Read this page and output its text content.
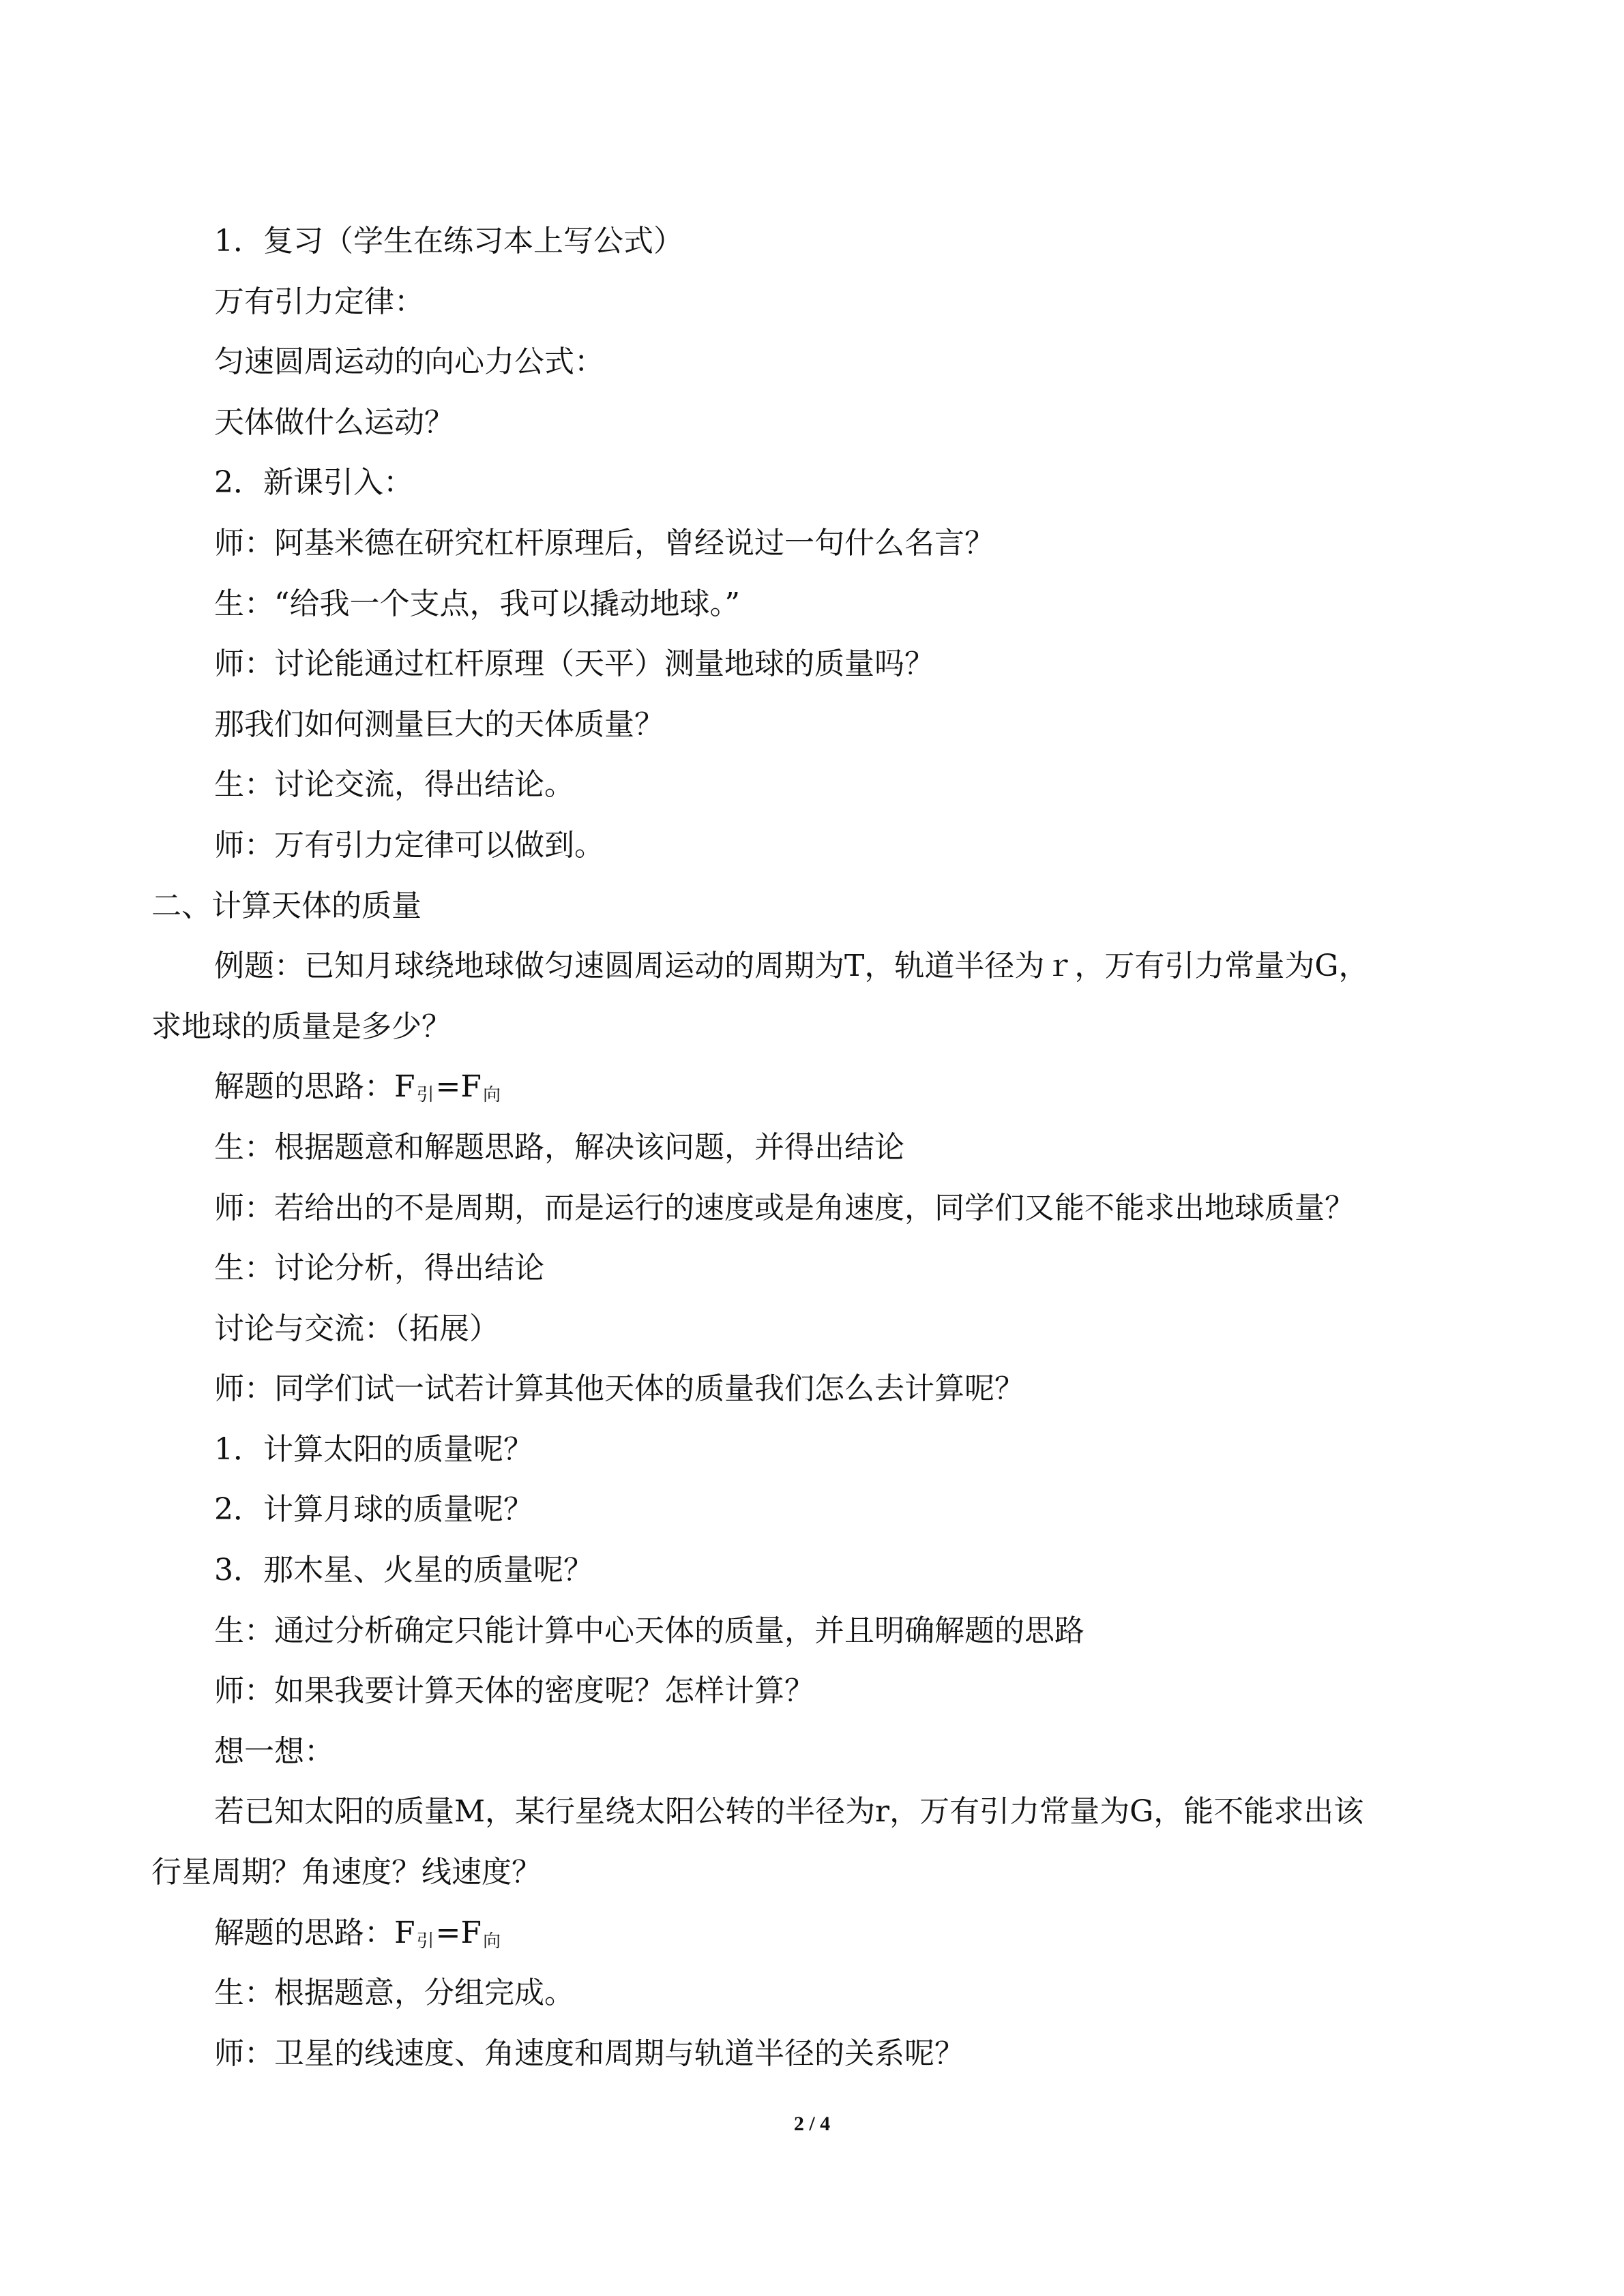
1．复习（学生在练习本上写公式）
万有引力定律：
匀速圆周运动的向心力公式：
天体做什么运动？
2．新课引入：
师：阿基米德在研究杠杆原理后，曾经说过一句什么名言？
生：“给我一个支点，我可以撬动地球。”
师：讨论能通过杠杆原理（天平）测量地球的质量吗？
那我们如何测量巨大的天体质量？
生：讨论交流，得出结论。
师：万有引力定律可以做到。
二、计算天体的质量
例题：已知月球绕地球做匀速圆周运动的周期为T，轨道半径为ｒ，万有引力常量为G，
求地球的质量是多少？
解题的思路：$F_引=F_向$
生：根据题意和解题思路，解决该问题，并得出结论
师：若给出的不是周期，而是运行的速度或是角速度，同学们又能不能求出地球质量？
生：讨论分析，得出结论
讨论与交流：（拓展）
师：同学们试一试若计算其他天体的质量我们怎么去计算呢？
1．计算太阳的质量呢？
2．计算月球的质量呢？
3．那木星、火星的质量呢？
生：通过分析确定只能计算中心天体的质量，并且明确解题的思路
师：如果我要计算天体的密度呢？怎样计算？
想一想：
若已知太阳的质量M，某行星绕太阳公转的半径为r，万有引力常量为G，能不能求出该
行星周期？角速度？线速度？
解题的思路：$F_引=F_向$
生：根据题意，分组完成。
师：卫星的线速度、角速度和周期与轨道半径的关系呢？
2 / 4
